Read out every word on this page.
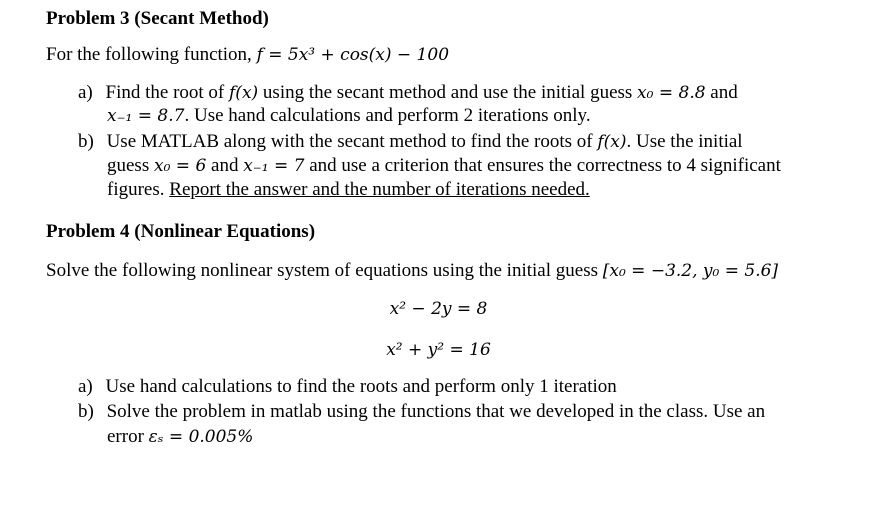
Problem 3 (Secant Method)
For the following function, f = 5x³ + cos(x) − 100
a) Find the root of f(x) using the secant method and use the initial guess x₀ = 8.8 and
x₋₁ = 8.7. Use hand calculations and perform 2 iterations only.
b) Use MATLAB along with the secant method to find the roots of f(x). Use the initial
guess x₀ = 6 and x₋₁ = 7 and use a criterion that ensures the correctness to 4 significant
figures. Report the answer and the number of iterations needed.
Problem 4 (Nonlinear Equations)
Solve the following nonlinear system of equations using the initial guess [x₀ = −3.2, y₀ = 5.6]
x² − 2y = 8
x² + y² = 16
a) Use hand calculations to find the roots and perform only 1 iteration
b) Solve the problem in matlab using the functions that we developed in the class. Use an
error εₛ = 0.005%
